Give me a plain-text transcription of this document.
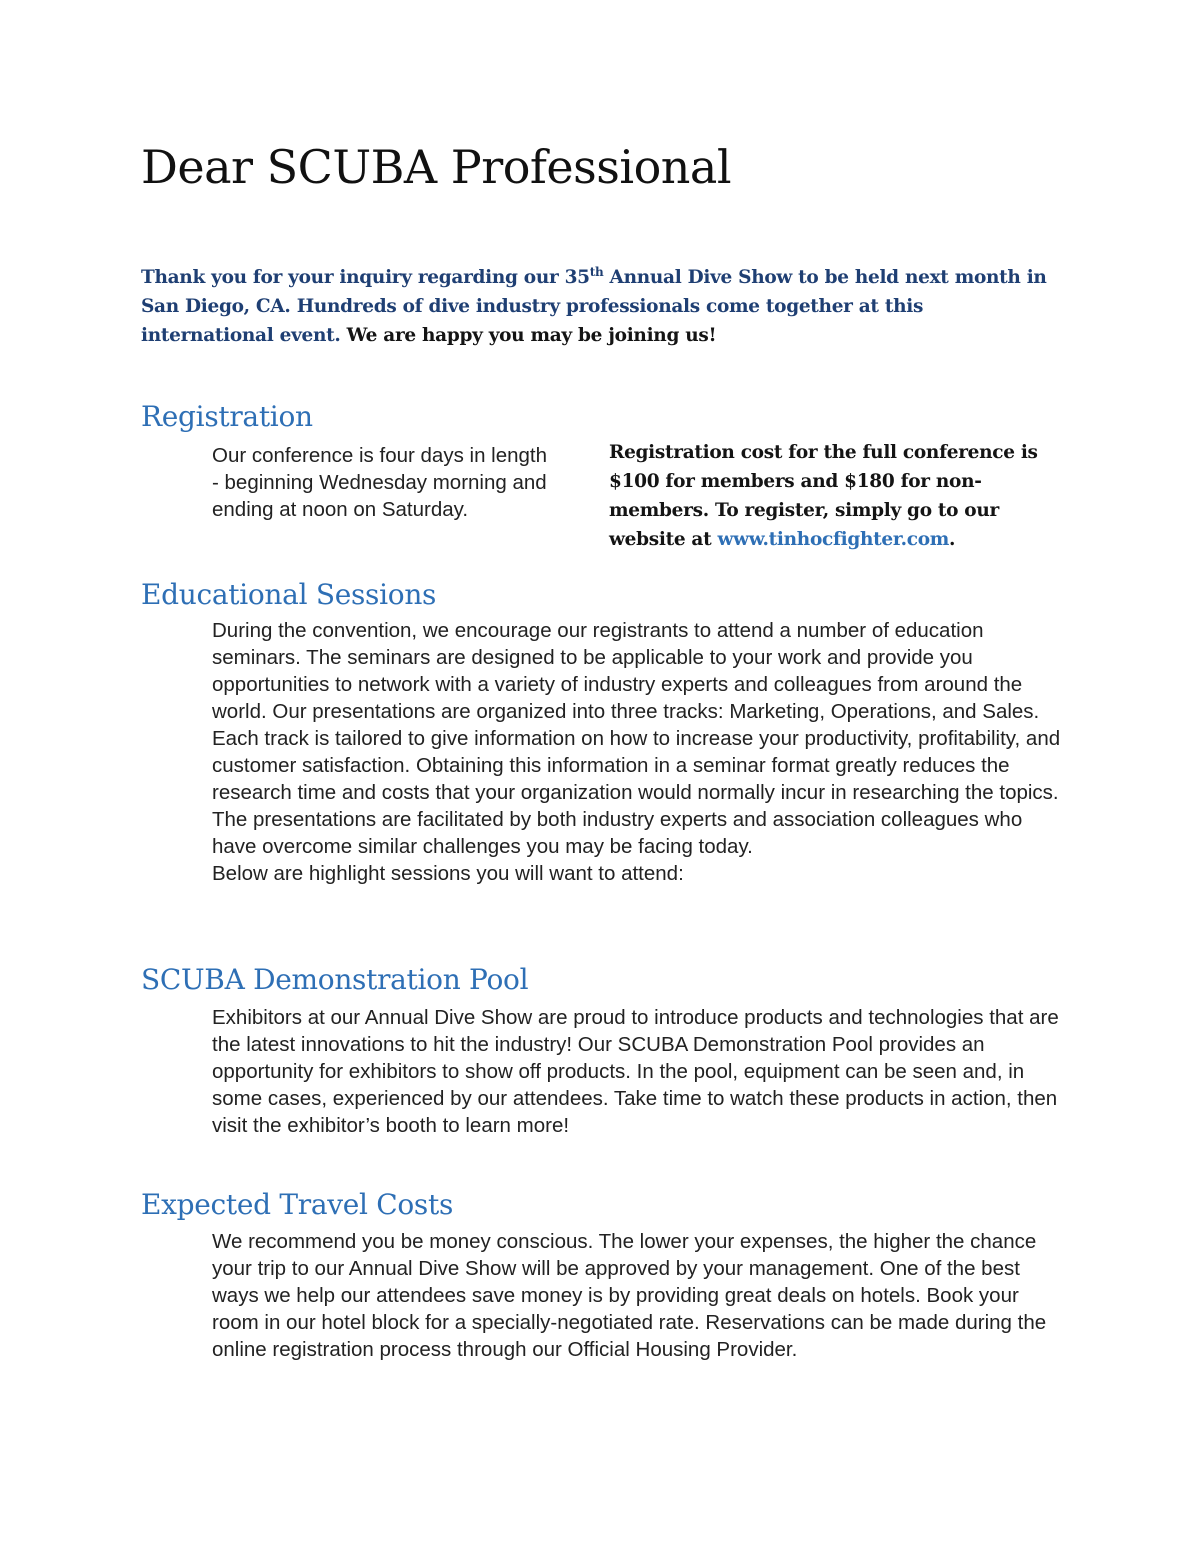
Dear SCUBA Professional

Thank you for your inquiry regarding our 35th Annual Dive Show to be held next month in San Diego, CA. Hundreds of dive industry professionals come together at this international event. We are happy you may be joining us!

Registration

Our conference is four days in length - beginning Wednesday morning and ending at noon on Saturday.

Registration cost for the full conference is $100 for members and $180 for non-members. To register, simply go to our website at www.tinhocfighter.com.

Educational Sessions

During the convention, we encourage our registrants to attend a number of education seminars. The seminars are designed to be applicable to your work and provide you opportunities to network with a variety of industry experts and colleagues from around the world. Our presentations are organized into three tracks: Marketing, Operations, and Sales. Each track is tailored to give information on how to increase your productivity, profitability, and customer satisfaction. Obtaining this information in a seminar format greatly reduces the research time and costs that your organization would normally incur in researching the topics. The presentations are facilitated by both industry experts and association colleagues who have overcome similar challenges you may be facing today.
Below are highlight sessions you will want to attend:

SCUBA Demonstration Pool

Exhibitors at our Annual Dive Show are proud to introduce products and technologies that are the latest innovations to hit the industry! Our SCUBA Demonstration Pool provides an opportunity for exhibitors to show off products. In the pool, equipment can be seen and, in some cases, experienced by our attendees. Take time to watch these products in action, then visit the exhibitor’s booth to learn more!

Expected Travel Costs

We recommend you be money conscious. The lower your expenses, the higher the chance your trip to our Annual Dive Show will be approved by your management. One of the best ways we help our attendees save money is by providing great deals on hotels. Book your room in our hotel block for a specially-negotiated rate. Reservations can be made during the online registration process through our Official Housing Provider.
